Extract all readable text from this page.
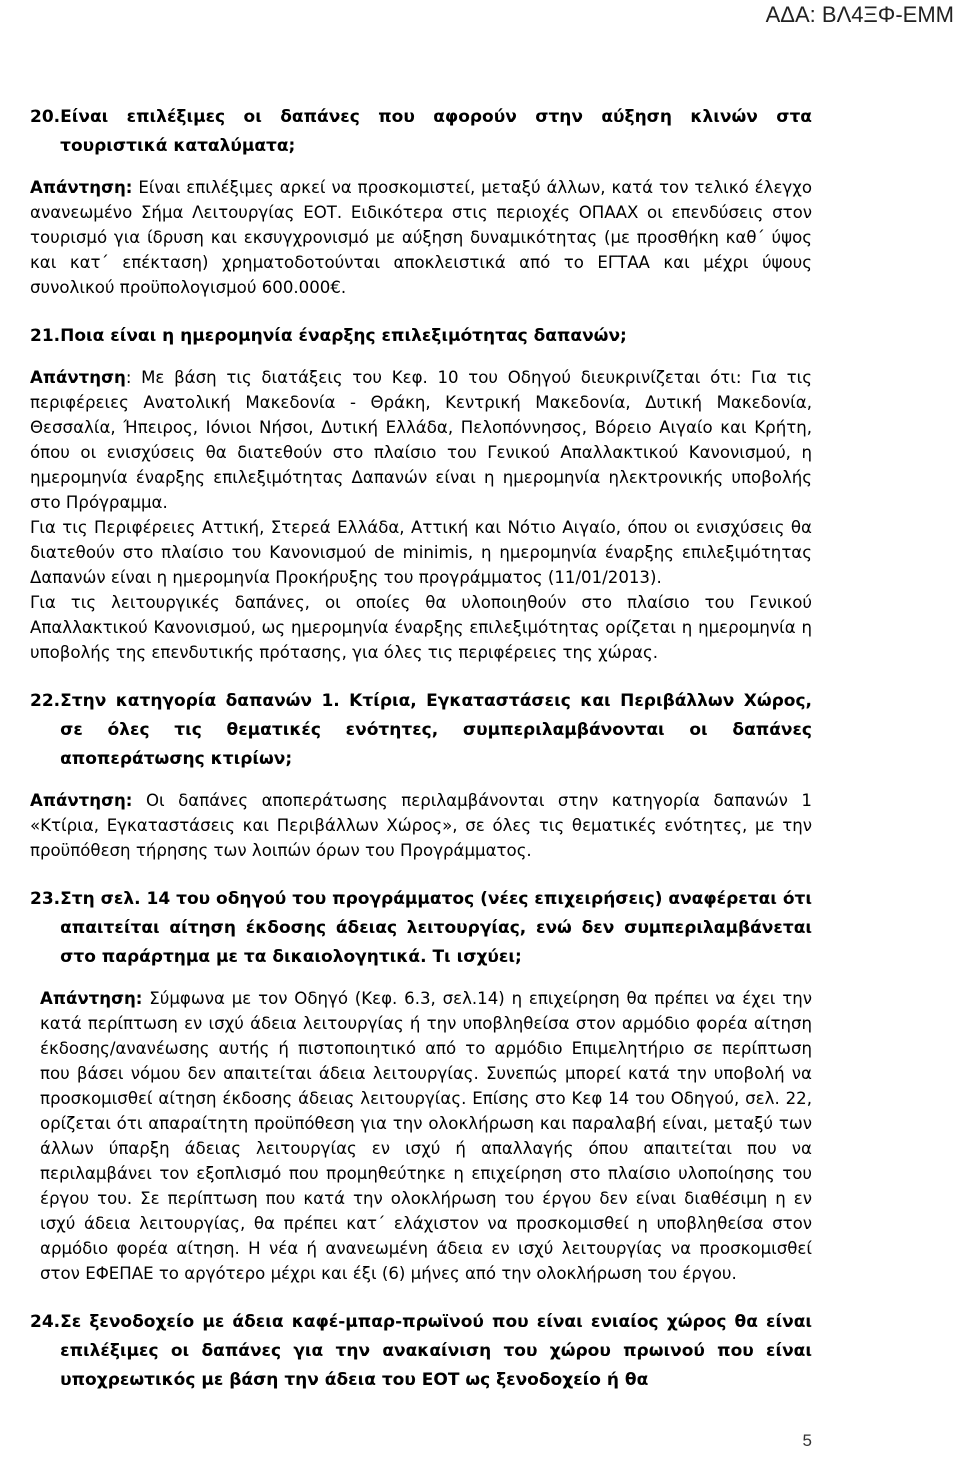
ΑΔΑ: ΒΛ4ΞΦ-ΕΜΜ
20. Είναι επιλέξιμες οι δαπάνες που αφορούν στην αύξηση κλινών στα τουριστικά καταλύματα;
Απάντηση: Είναι επιλέξιμες αρκεί να προσκομιστεί, μεταξύ άλλων, κατά τον τελικό έλεγχο ανανεωμένο Σήμα Λειτουργίας ΕΟΤ. Ειδικότερα στις περιοχές ΟΠΑΑΧ οι επενδύσεις στον τουρισμό για ίδρυση και εκσυγχρονισμό με αύξηση δυναμικότητας (με προσθήκη καθ΄ ύψος και κατ΄ επέκταση) χρηματοδοτούνται αποκλειστικά από το ΕΓΤΑΑ και μέχρι ύψους συνολικού προϋπολογισμού 600.000€.
21. Ποια είναι η ημερομηνία έναρξης επιλεξιμότητας δαπανών;
Απάντηση: Με βάση τις διατάξεις του Κεφ. 10 του Οδηγού διευκρινίζεται ότι: Για τις περιφέρειες Ανατολική Μακεδονία - Θράκη, Κεντρική Μακεδονία, Δυτική Μακεδονία, Θεσσαλία, Ήπειρος, Ιόνιοι Νήσοι, Δυτική Ελλάδα, Πελοπόννησος, Βόρειο Αιγαίο και Κρήτη, όπου οι ενισχύσεις θα διατεθούν στο πλαίσιο του Γενικού Απαλλακτικού Κανονισμού, η ημερομηνία έναρξης επιλεξιμότητας Δαπανών είναι η ημερομηνία ηλεκτρονικής υποβολής στο Πρόγραμμα.
Για τις Περιφέρειες Αττική, Στερεά Ελλάδα, Αττική και Νότιο Αιγαίο, όπου οι ενισχύσεις θα διατεθούν στο πλαίσιο του Κανονισμού de minimis, η ημερομηνία έναρξης επιλεξιμότητας Δαπανών είναι η ημερομηνία Προκήρυξης του προγράμματος (11/01/2013).
Για τις λειτουργικές δαπάνες, οι οποίες θα υλοποιηθούν στο πλαίσιο του Γενικού Απαλλακτικού Κανονισμού, ως ημερομηνία έναρξης επιλεξιμότητας ορίζεται η ημερομηνία η υποβολής της επενδυτικής πρότασης, για όλες τις περιφέρειες της χώρας.
22. Στην κατηγορία δαπανών 1. Κτίρια, Εγκαταστάσεις και Περιβάλλων Χώρος, σε όλες τις θεματικές ενότητες, συμπεριλαμβάνονται οι δαπάνες αποπεράτωσης κτιρίων;
Απάντηση: Οι δαπάνες αποπεράτωσης περιλαμβάνονται στην κατηγορία δαπανών 1 «Κτίρια, Εγκαταστάσεις και Περιβάλλων Χώρος», σε όλες τις θεματικές ενότητες, με την προϋπόθεση τήρησης των λοιπών όρων του Προγράμματος.
23. Στη σελ. 14 του οδηγού του προγράμματος (νέες επιχειρήσεις) αναφέρεται ότι απαιτείται αίτηση έκδοσης άδειας λειτουργίας, ενώ δεν συμπεριλαμβάνεται στο παράρτημα με τα δικαιολογητικά. Τι ισχύει;
Απάντηση: Σύμφωνα με τον Οδηγό (Κεφ. 6.3, σελ.14) η επιχείρηση θα πρέπει να έχει την κατά περίπτωση εν ισχύ άδεια λειτουργίας ή την υποβληθείσα στον αρμόδιο φορέα αίτηση έκδοσης/ανανέωσης αυτής ή πιστοποιητικό από το αρμόδιο Επιμελητήριο σε περίπτωση που βάσει νόμου δεν απαιτείται άδεια λειτουργίας. Συνεπώς μπορεί κατά την υποβολή να προσκομισθεί αίτηση έκδοσης άδειας λειτουργίας. Επίσης στο Κεφ 14 του Οδηγού, σελ. 22, ορίζεται ότι απαραίτητη προϋπόθεση για την ολοκλήρωση και παραλαβή είναι, μεταξύ των άλλων ύπαρξη άδειας λειτουργίας εν ισχύ ή απαλλαγής όπου απαιτείται που να περιλαμβάνει τον εξοπλισμό που προμηθεύτηκε η επιχείρηση στο πλαίσιο υλοποίησης του έργου του. Σε περίπτωση που κατά την ολοκλήρωση του έργου δεν είναι διαθέσιμη η εν ισχύ άδεια λειτουργίας, θα πρέπει κατ΄ ελάχιστον να προσκομισθεί η υποβληθείσα στον αρμόδιο φορέα αίτηση. Η νέα ή ανανεωμένη άδεια εν ισχύ λειτουργίας να προσκομισθεί στον ΕΦΕΠΑΕ το αργότερο μέχρι και έξι (6) μήνες από την ολοκλήρωση του έργου.
24. Σε ξενοδοχείο με άδεια καφέ-μπαρ-πρωϊνού που είναι ενιαίος χώρος θα είναι επιλέξιμες οι δαπάνες για την ανακαίνιση του χώρου πρωινού που είναι υποχρεωτικός με βάση την άδεια του ΕΟΤ ως ξενοδοχείο ή θα
5
